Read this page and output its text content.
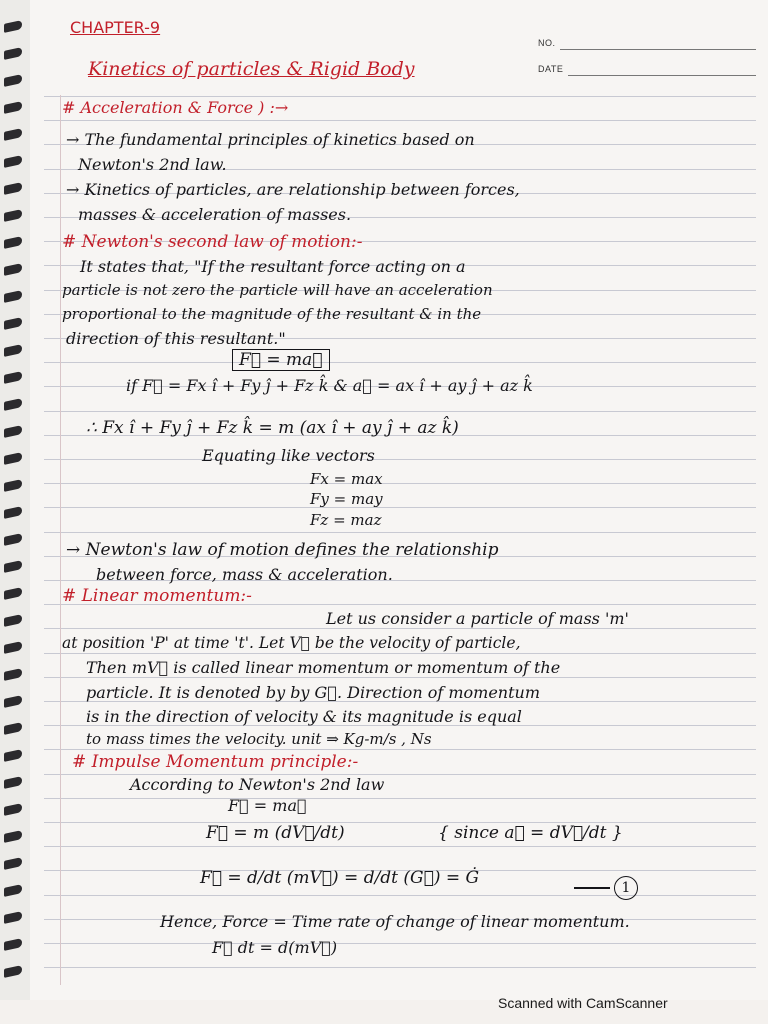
NO.
DATE
CHAPTER-9
Kinetics of particles & Rigid Body
# Acceleration & Force ) :→
→ The fundamental principles of kinetics based on
Newton's 2nd law.
→ Kinetics of particles, are relationship between forces,
masses & acceleration of masses.
# Newton's second law of motion:-
It states that, "If the resultant force acting on a
particle is not zero the particle will have an acceleration
proportional to the magnitude of the resultant & in the
direction of this resultant."
F⃗ = ma⃗
if F⃗ = Fx î + Fy ĵ + Fz k̂ & a⃗ = ax î + ay ĵ + az k̂
∴ Fx î + Fy ĵ + Fz k̂ = m (ax î + ay ĵ + az k̂)
Equating like vectors
Fx = max
Fy = may
Fz = maz
→ Newton's law of motion defines the relationship
between force, mass & acceleration.
# Linear momentum:-
Let us consider a particle of mass 'm'
at position 'P' at time 't'. Let V⃗ be the velocity of particle,
Then mV⃗ is called linear momentum or momentum of the
particle. It is denoted by by G⃗. Direction of momentum
is in the direction of velocity & its magnitude is equal
to mass times the velocity. unit ⇒ Kg-m/s , Ns
# Impulse Momentum principle:-
According to Newton's 2nd law
F⃗ = ma⃗
F⃗ = m (dV⃗/dt)	{ since a⃗ = dV⃗/dt }
F⃗ = d/dt (mV⃗) = d/dt (G⃗) = Ġ	1
Hence, Force = Time rate of change of linear momentum.
F⃗ dt = d(mV⃗)
Scanned with CamScanner
